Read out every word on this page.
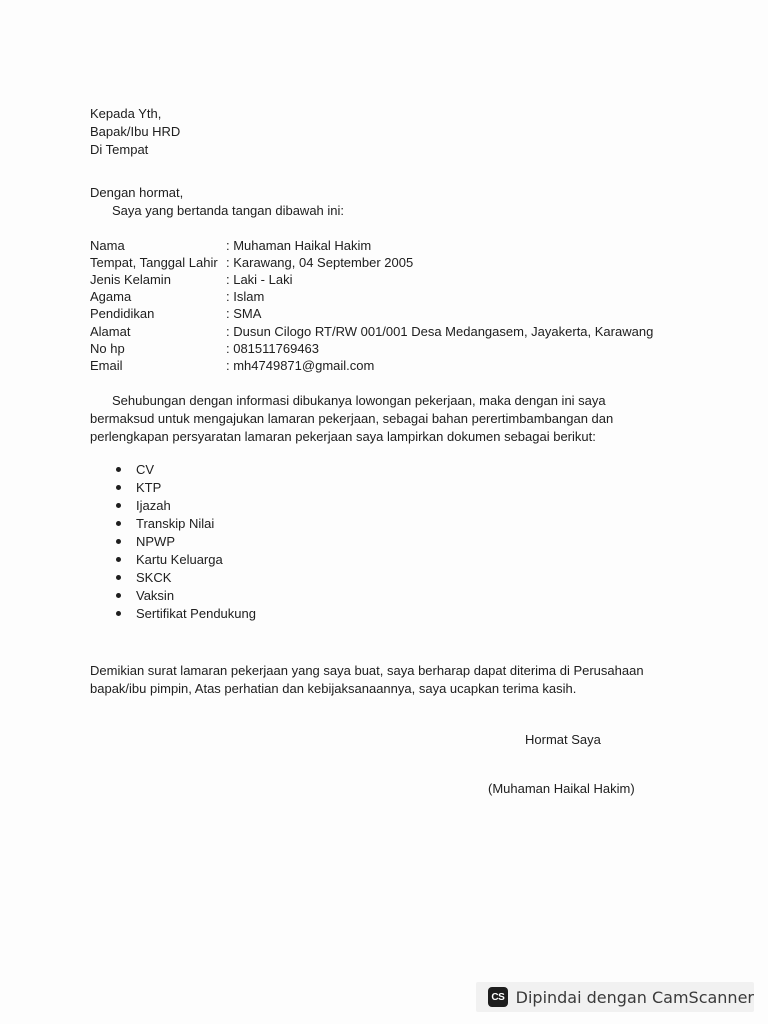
Kepada Yth,
Bapak/Ibu HRD
Di Tempat
Dengan hormat,
Saya yang bertanda tangan dibawah ini:
Nama	: Muhaman Haikal Hakim
Tempat, Tanggal Lahir : Karawang, 04 September 2005
Jenis Kelamin	: Laki - Laki
Agama	: Islam
Pendidikan	: SMA
Alamat	: Dusun Cilogo RT/RW 001/001 Desa Medangasem, Jayakerta, Karawang
No hp	: 081511769463
Email	: mh4749871@gmail.com
Sehubungan dengan informasi dibukanya lowongan pekerjaan, maka dengan ini saya
bermaksud untuk mengajukan lamaran pekerjaan, sebagai bahan perertimbambangan dan
perlengkapan persyaratan lamaran pekerjaan saya lampirkan dokumen sebagai berikut:
CV
KTP
Ijazah
Transkip Nilai
NPWP
Kartu Keluarga
SKCK
Vaksin
Sertifikat Pendukung
Demikian surat lamaran pekerjaan yang saya buat, saya berharap dapat diterima di Perusahaan
bapak/ibu pimpin, Atas perhatian dan kebijaksanaannya, saya ucapkan terima kasih.
Hormat Saya
(Muhaman Haikal Hakim)
CS Dipindai dengan CamScanner
